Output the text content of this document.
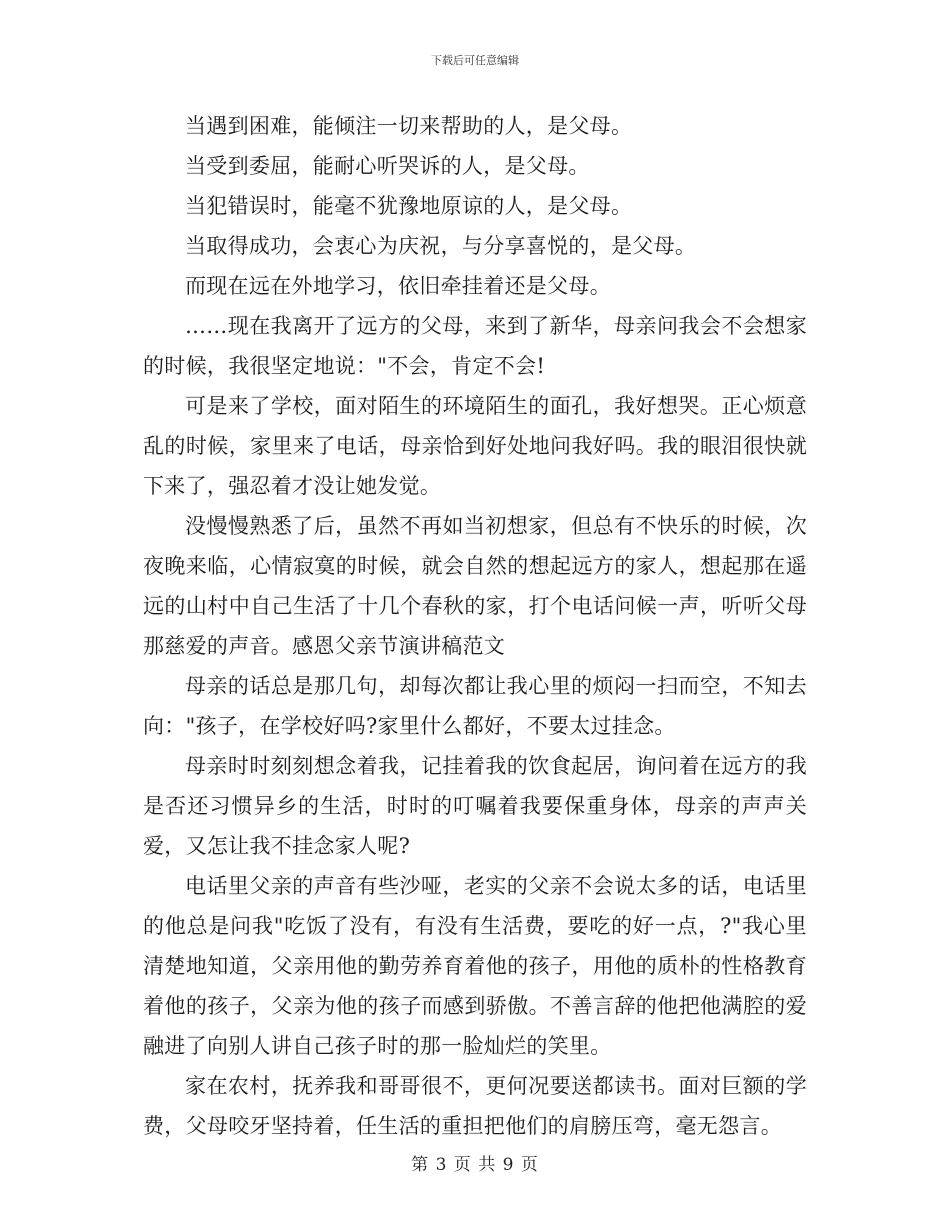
下载后可任意编辑

当遇到困难，能倾注一切来帮助的人，是父母。

当受到委屈，能耐心听哭诉的人，是父母。

当犯错误时，能毫不犹豫地原谅的人，是父母。

当取得成功，会衷心为庆祝，与分享喜悦的，是父母。

而现在远在外地学习，依旧牵挂着还是父母。

……现在我离开了远方的父母，来到了新华，母亲问我会不会想家的时候，我很坚定地说："不会，肯定不会!

可是来了学校，面对陌生的环境陌生的面孔，我好想哭。正心烦意乱的时候，家里来了电话，母亲恰到好处地问我好吗。我的眼泪很快就下来了，强忍着才没让她发觉。

没慢慢熟悉了后，虽然不再如当初想家，但总有不快乐的时候，次夜晚来临，心情寂寞的时候，就会自然的想起远方的家人，想起那在遥远的山村中自己生活了十几个春秋的家，打个电话问候一声，听听父母那慈爱的声音。感恩父亲节演讲稿范文

母亲的话总是那几句，却每次都让我心里的烦闷一扫而空，不知去向："孩子，在学校好吗?家里什么都好，不要太过挂念。

母亲时时刻刻想念着我，记挂着我的饮食起居，询问着在远方的我是否还习惯异乡的生活，时时的叮嘱着我要保重身体，母亲的声声关爱，又怎让我不挂念家人呢?

电话里父亲的声音有些沙哑，老实的父亲不会说太多的话，电话里的他总是问我"吃饭了没有，有没有生活费，要吃的好一点，?"我心里清楚地知道，父亲用他的勤劳养育着他的孩子，用他的质朴的性格教育着他的孩子，父亲为他的孩子而感到骄傲。不善言辞的他把他满腔的爱融进了向别人讲自己孩子时的那一脸灿烂的笑里。

家在农村，抚养我和哥哥很不，更何况要送都读书。面对巨额的学费，父母咬牙坚持着，任生活的重担把他们的肩膀压弯，毫无怨言。

第 3 页 共 9 页
